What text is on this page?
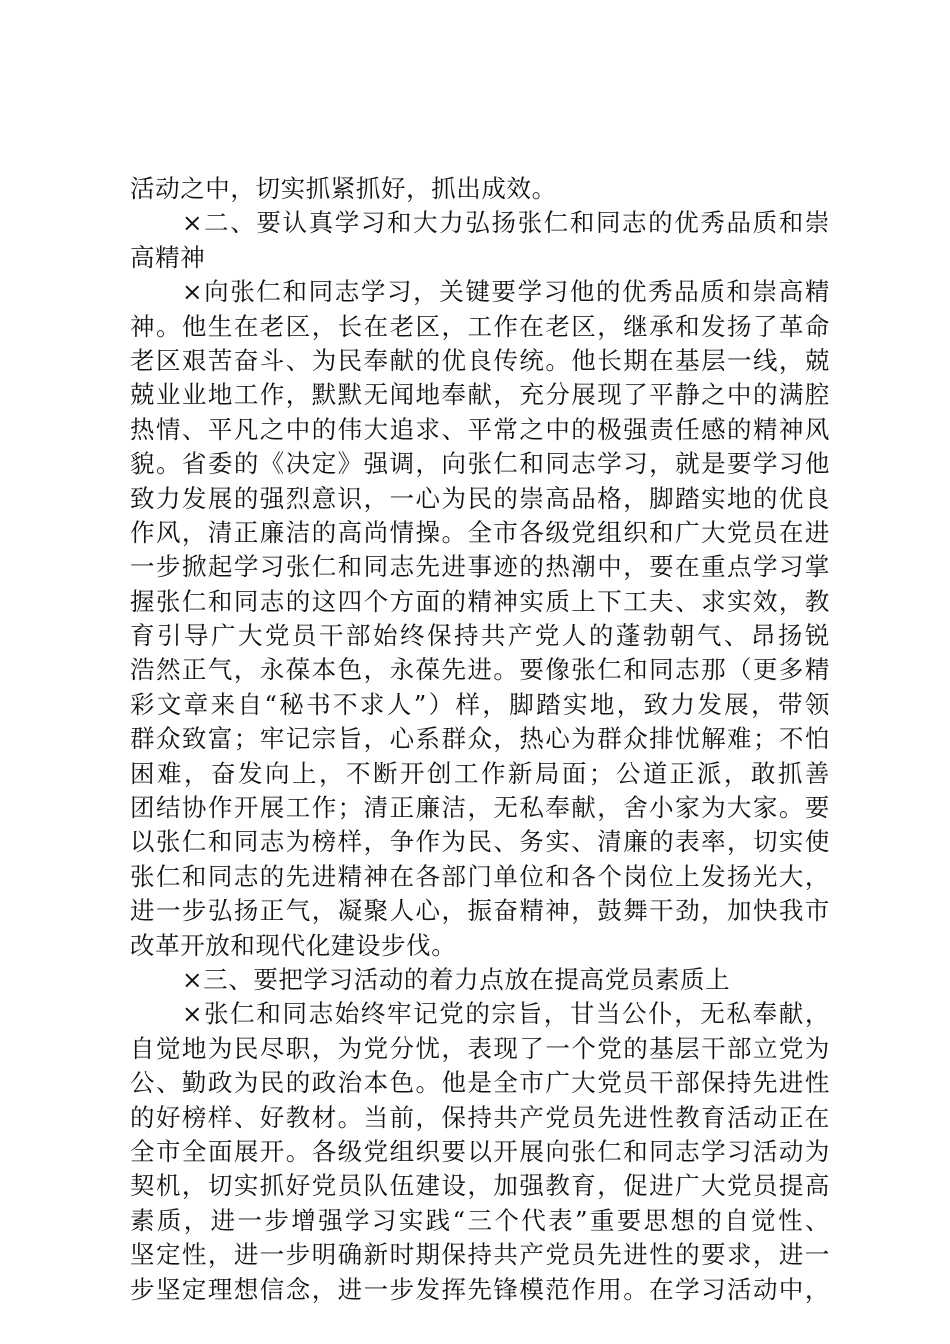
活动之中，切实抓紧抓好，抓出成效。
×二、要认真学习和大力弘扬张仁和同志的优秀品质和崇
高精神
×向张仁和同志学习，关键要学习他的优秀品质和崇高精
神。他生在老区，长在老区，工作在老区，继承和发扬了革命
老区艰苦奋斗、为民奉献的优良传统。他长期在基层一线，兢
兢业业地工作，默默无闻地奉献，充分展现了平静之中的满腔
热情、平凡之中的伟大追求、平常之中的极强责任感的精神风
貌。省委的《决定》强调，向张仁和同志学习，就是要学习他
致力发展的强烈意识，一心为民的崇高品格，脚踏实地的优良
作风，清正廉洁的高尚情操。全市各级党组织和广大党员在进
一步掀起学习张仁和同志先进事迹的热潮中，要在重点学习掌
握张仁和同志的这四个方面的精神实质上下工夫、求实效，教
育引导广大党员干部始终保持共产党人的蓬勃朝气、昂扬锐
浩然正气，永葆本色，永葆先进。要像张仁和同志那（更多精
彩文章来自“秘书不求人”）样，脚踏实地，致力发展，带领
群众致富；牢记宗旨，心系群众，热心为群众排忧解难；不怕
困难，奋发向上，不断开创工作新局面；公道正派，敢抓善
团结协作开展工作；清正廉洁，无私奉献，舍小家为大家。要
以张仁和同志为榜样，争作为民、务实、清廉的表率，切实使
张仁和同志的先进精神在各部门单位和各个岗位上发扬光大，
进一步弘扬正气，凝聚人心，振奋精神，鼓舞干劲，加快我市
改革开放和现代化建设步伐。
×三、要把学习活动的着力点放在提高党员素质上
×张仁和同志始终牢记党的宗旨，甘当公仆，无私奉献，
自觉地为民尽职，为党分忧，表现了一个党的基层干部立党为
公、勤政为民的政治本色。他是全市广大党员干部保持先进性
的好榜样、好教材。当前，保持共产党员先进性教育活动正在
全市全面展开。各级党组织要以开展向张仁和同志学习活动为
契机，切实抓好党员队伍建设，加强教育，促进广大党员提高
素质，进一步增强学习实践“三个代表”重要思想的自觉性、
坚定性，进一步明确新时期保持共产党员先进性的要求，进一
步坚定理想信念，进一步发挥先锋模范作用。在学习活动中，
